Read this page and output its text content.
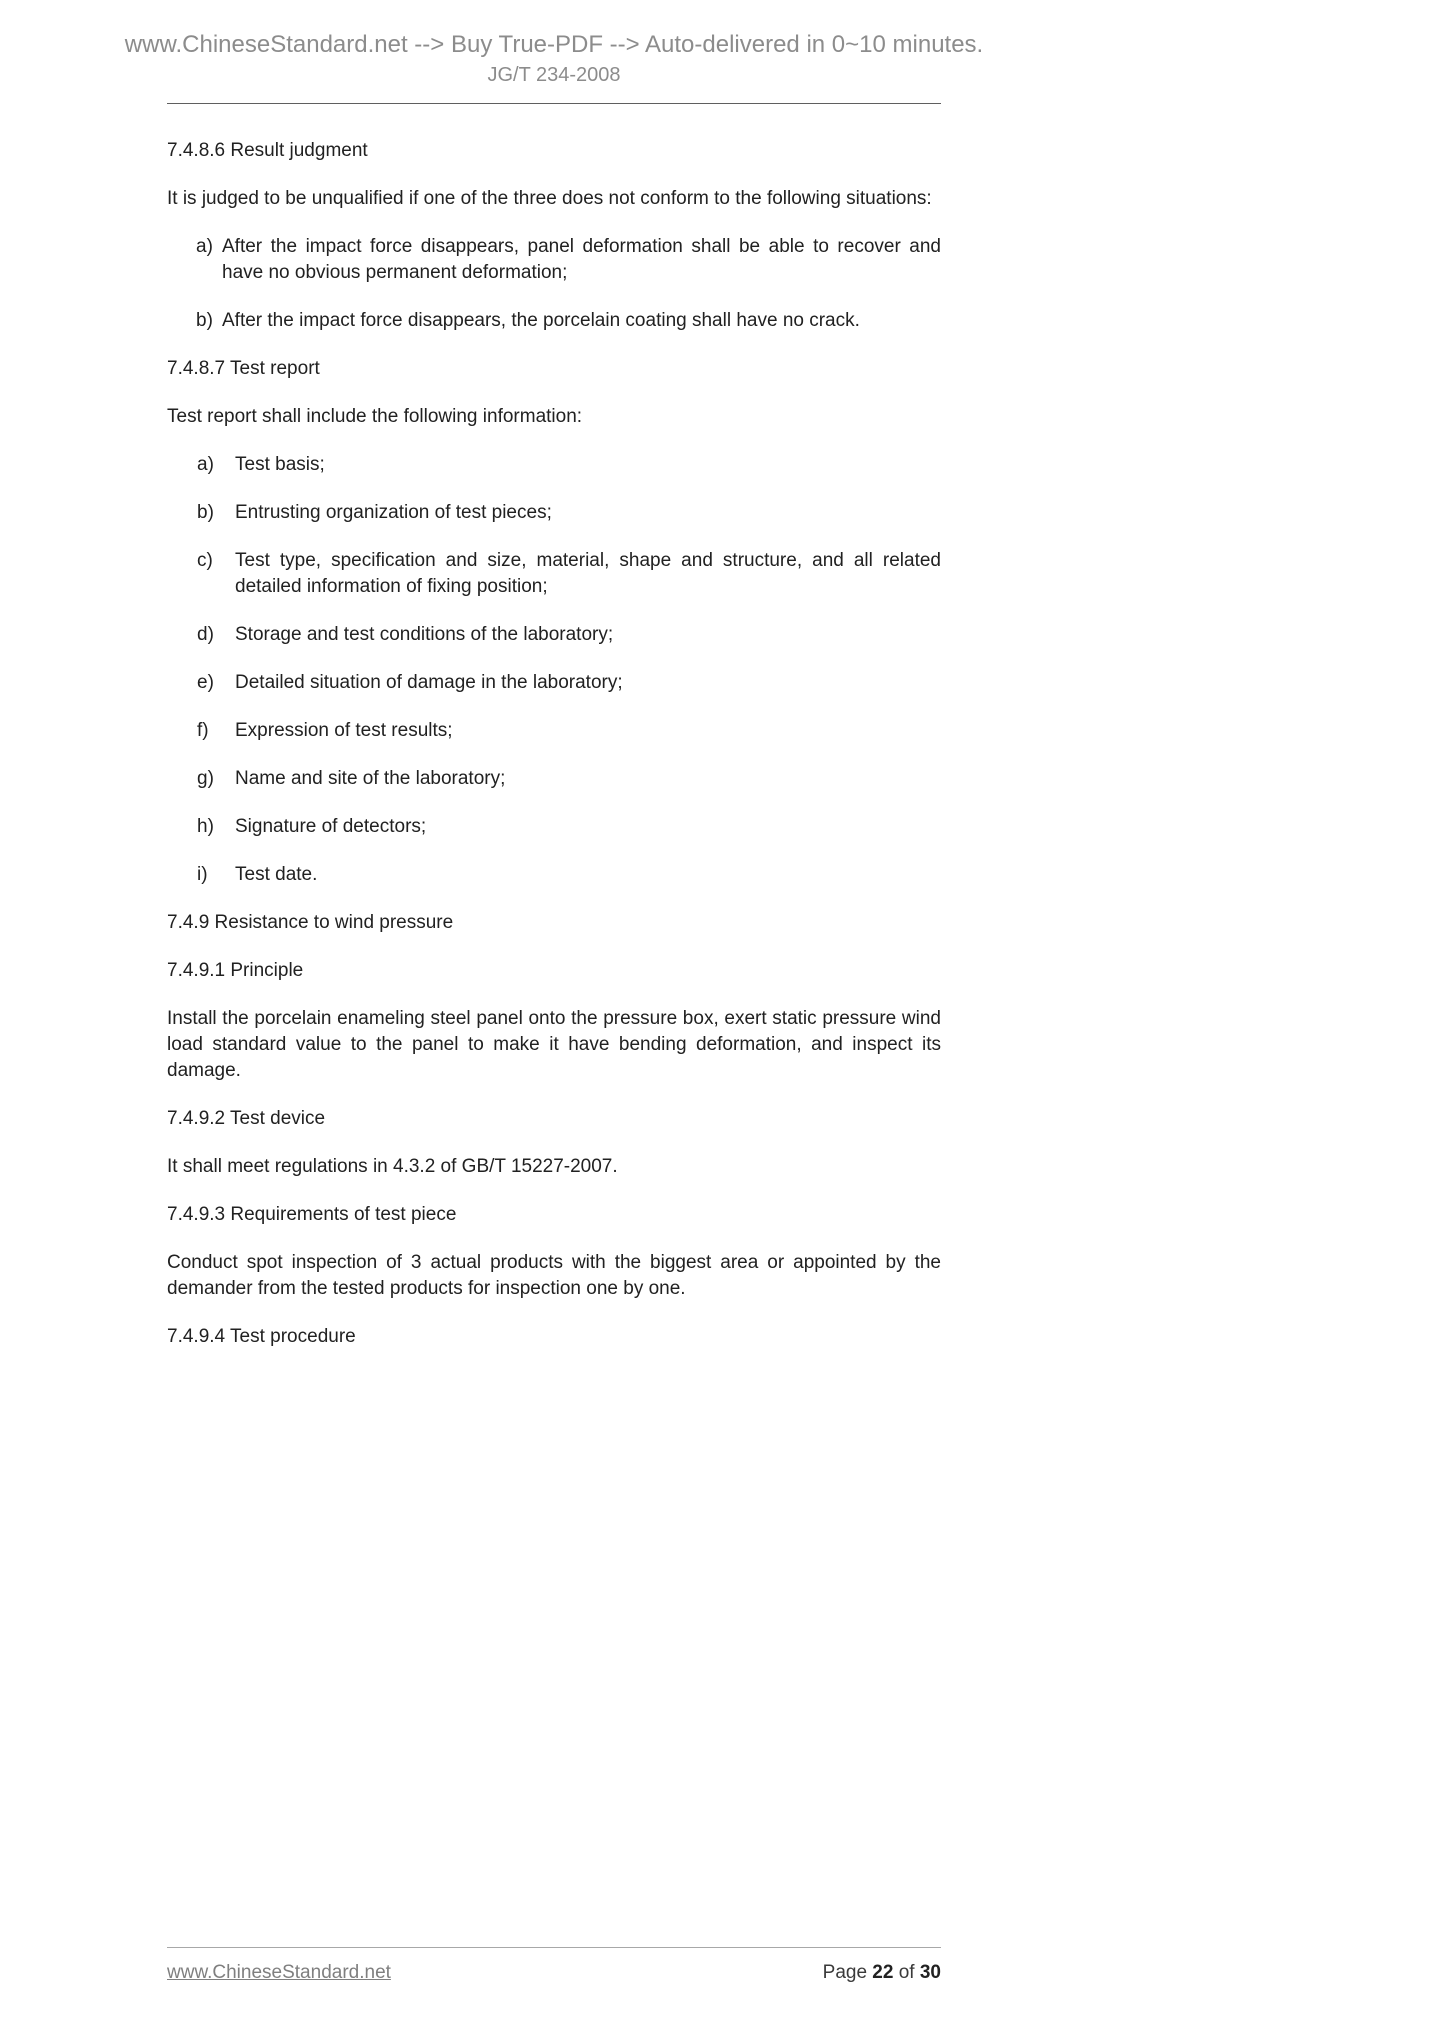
www.ChineseStandard.net --> Buy True-PDF --> Auto-delivered in 0~10 minutes.
JG/T 234-2008

7.4.8.6 Result judgment

It is judged to be unqualified if one of the three does not conform to the following situations:

a) After the impact force disappears, panel deformation shall be able to recover and have no obvious permanent deformation;
b) After the impact force disappears, the porcelain coating shall have no crack.

7.4.8.7 Test report

Test report shall include the following information:

a)	Test basis;
b)	Entrusting organization of test pieces;
c)	Test type, specification and size, material, shape and structure, and all related detailed information of fixing position;
d)	Storage and test conditions of the laboratory;
e)	Detailed situation of damage in the laboratory;
f)	Expression of test results;
g)	Name and site of the laboratory;
h)	Signature of detectors;
i)	Test date.

7.4.9 Resistance to wind pressure

7.4.9.1 Principle

Install the porcelain enameling steel panel onto the pressure box, exert static pressure wind load standard value to the panel to make it have bending deformation, and inspect its damage.

7.4.9.2 Test device

It shall meet regulations in 4.3.2 of GB/T 15227-2007.

7.4.9.3 Requirements of test piece

Conduct spot inspection of 3 actual products with the biggest area or appointed by the demander from the tested products for inspection one by one.

7.4.9.4 Test procedure

www.ChineseStandard.net	Page 22 of 30
